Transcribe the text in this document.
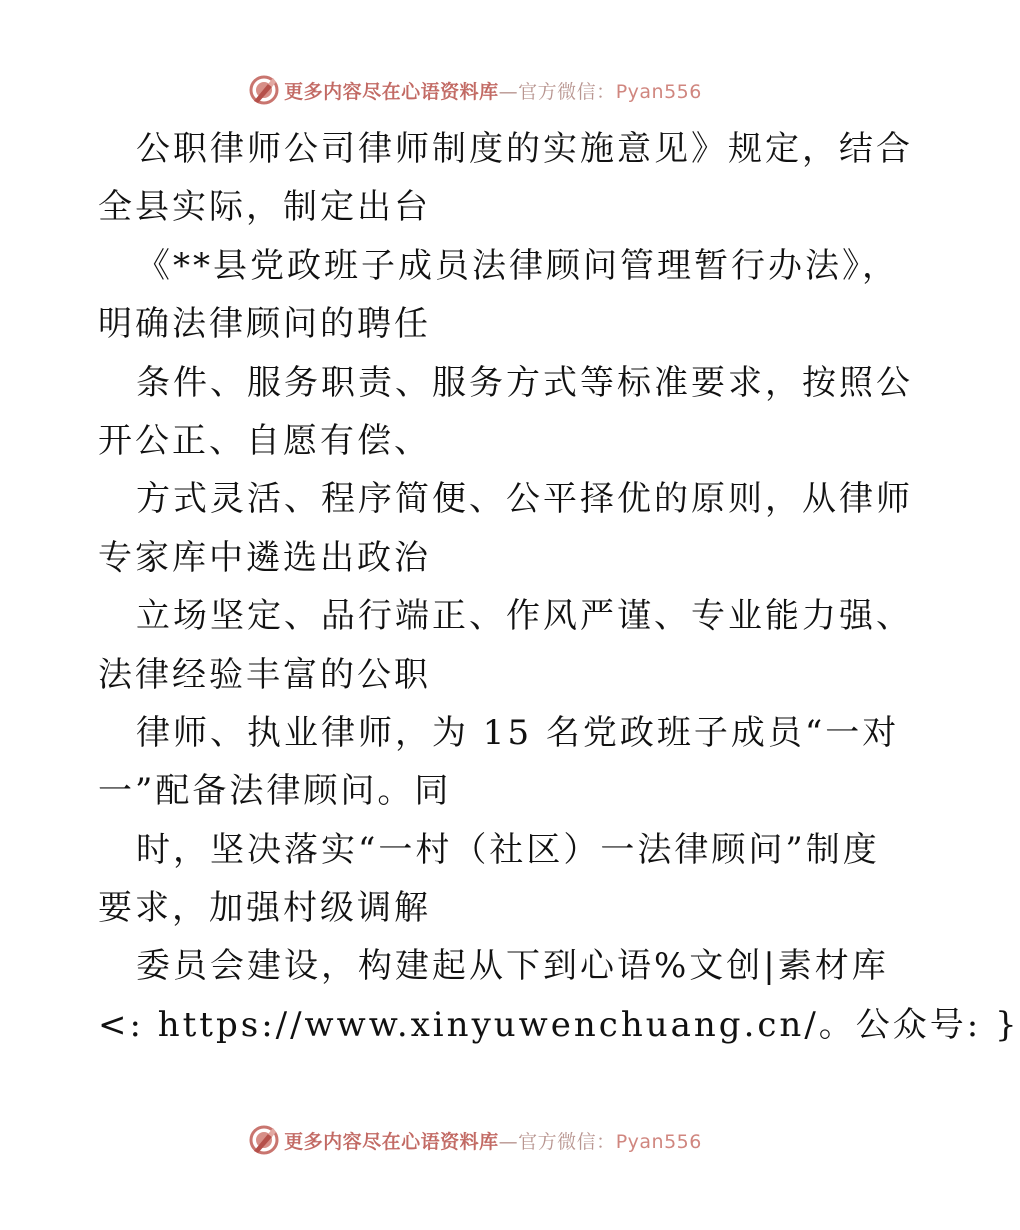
更多内容尽在心语资料库—官方微信：Pyan556
公职律师公司律师制度的实施意见》规定，结合
全县实际，制定出台
《**县党政班子成员法律顾问管理暂行办法》，
明确法律顾问的聘任
条件、服务职责、服务方式等标准要求，按照公
开公正、自愿有偿、
方式灵活、程序简便、公平择优的原则，从律师
专家库中遴选出政治
立场坚定、品行端正、作风严谨、专业能力强、
法律经验丰富的公职
律师、执业律师，为 15 名党政班子成员“一对
一”配备法律顾问。同
时，坚决落实“一村（社区）一法律顾问”制度
要求，加强村级调解
委员会建设，构建起从下到心语%文创|素材库
<: https://www.xinyuwenchuang.cn/。公众号: }
更多内容尽在心语资料库—官方微信：Pyan556
